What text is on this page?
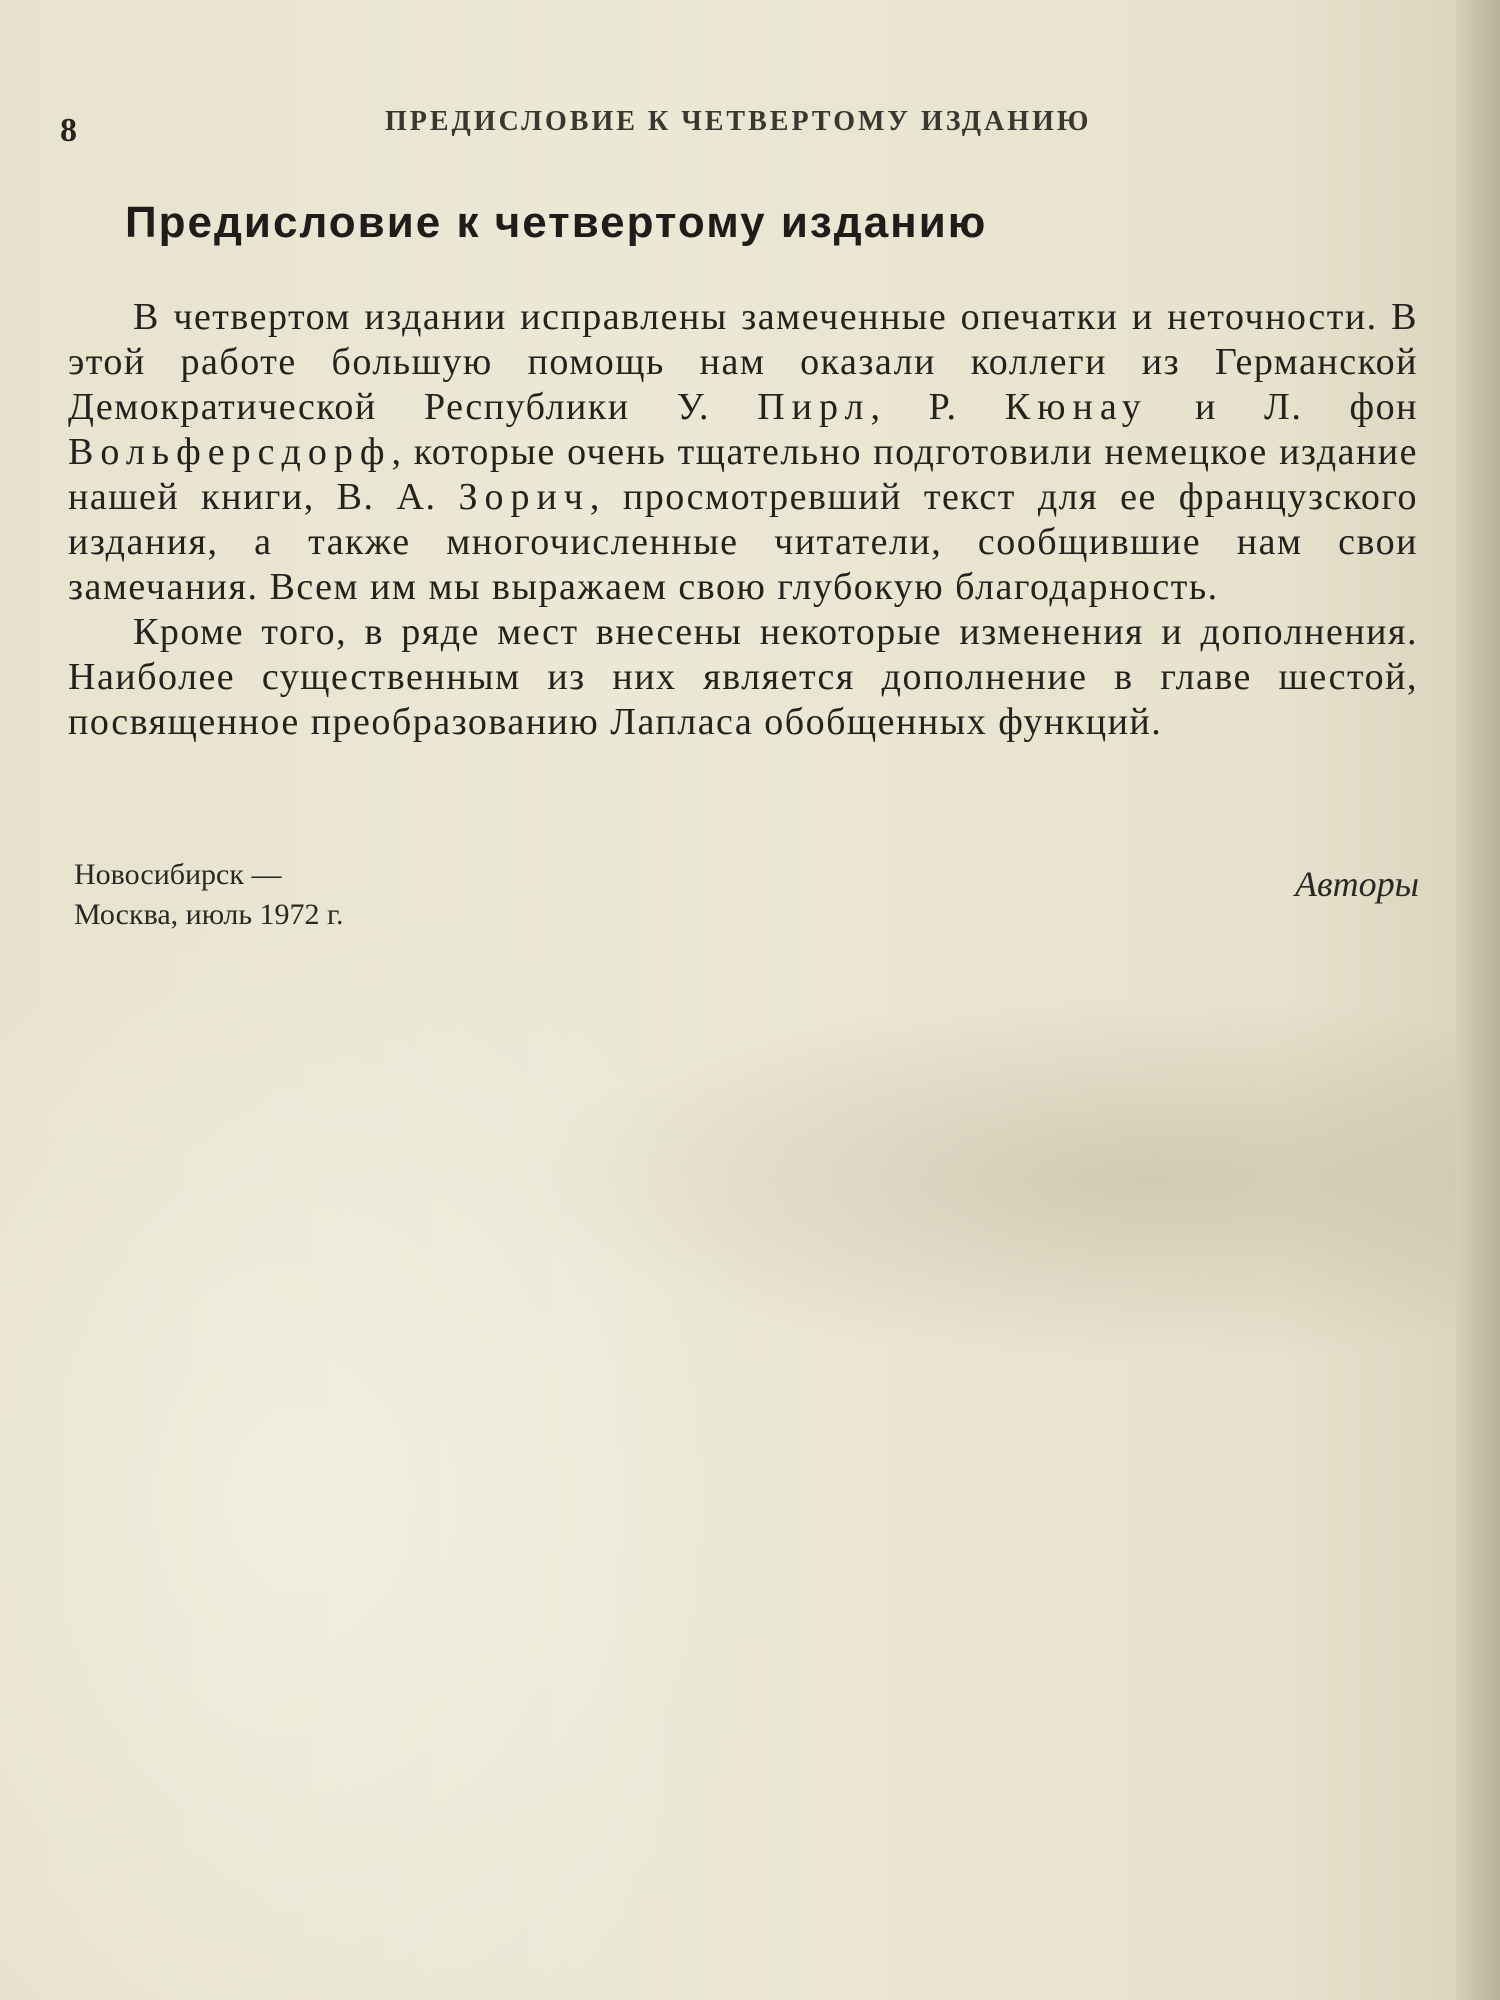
8	ПРЕДИСЛОВИЕ К ЧЕТВЕРТОМУ ИЗДАНИЮ
Предисловие к четвертому изданию

В четвертом издании исправлены замеченные опечатки и неточности. В этой работе большую помощь нам оказали коллеги из Германской Демократической Республики У. Пирл, Р. Кюнау и Л. фон Вольферсдорф, которые очень тщательно подготовили немецкое издание нашей книги, В. А. Зорич, просмотревший текст для ее французского издания, а также многочисленные читатели, сообщившие нам свои замечания. Всем им мы выражаем свою глубокую благодарность.

Кроме того, в ряде мест внесены некоторые изменения и дополнения. Наиболее существенным из них является дополнение в главе шестой, посвященное преобразованию Лапласа обобщенных функций.

Новосибирск —
Москва, июль 1972 г.
Авторы
